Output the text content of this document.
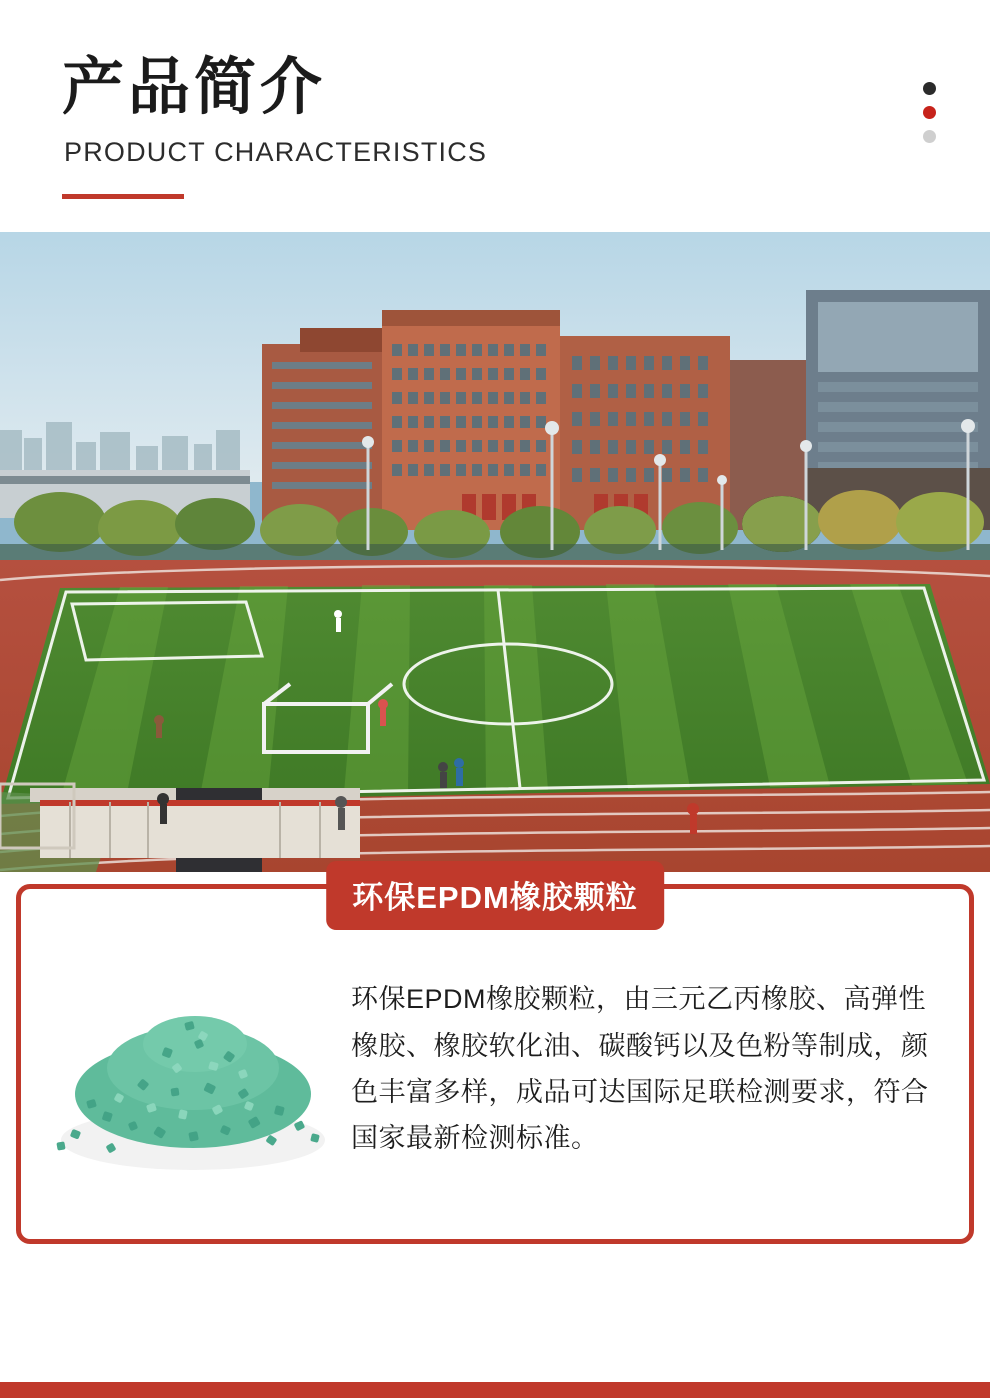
产品简介
PRODUCT CHARACTERISTICS
环保EPDM橡胶颗粒
环保EPDM橡胶颗粒，由三元乙丙橡胶、高弹性橡胶、橡胶软化油、碳酸钙以及色粉等制成，颜色丰富多样，成品可达国际足联检测要求，符合国家最新检测标准。
